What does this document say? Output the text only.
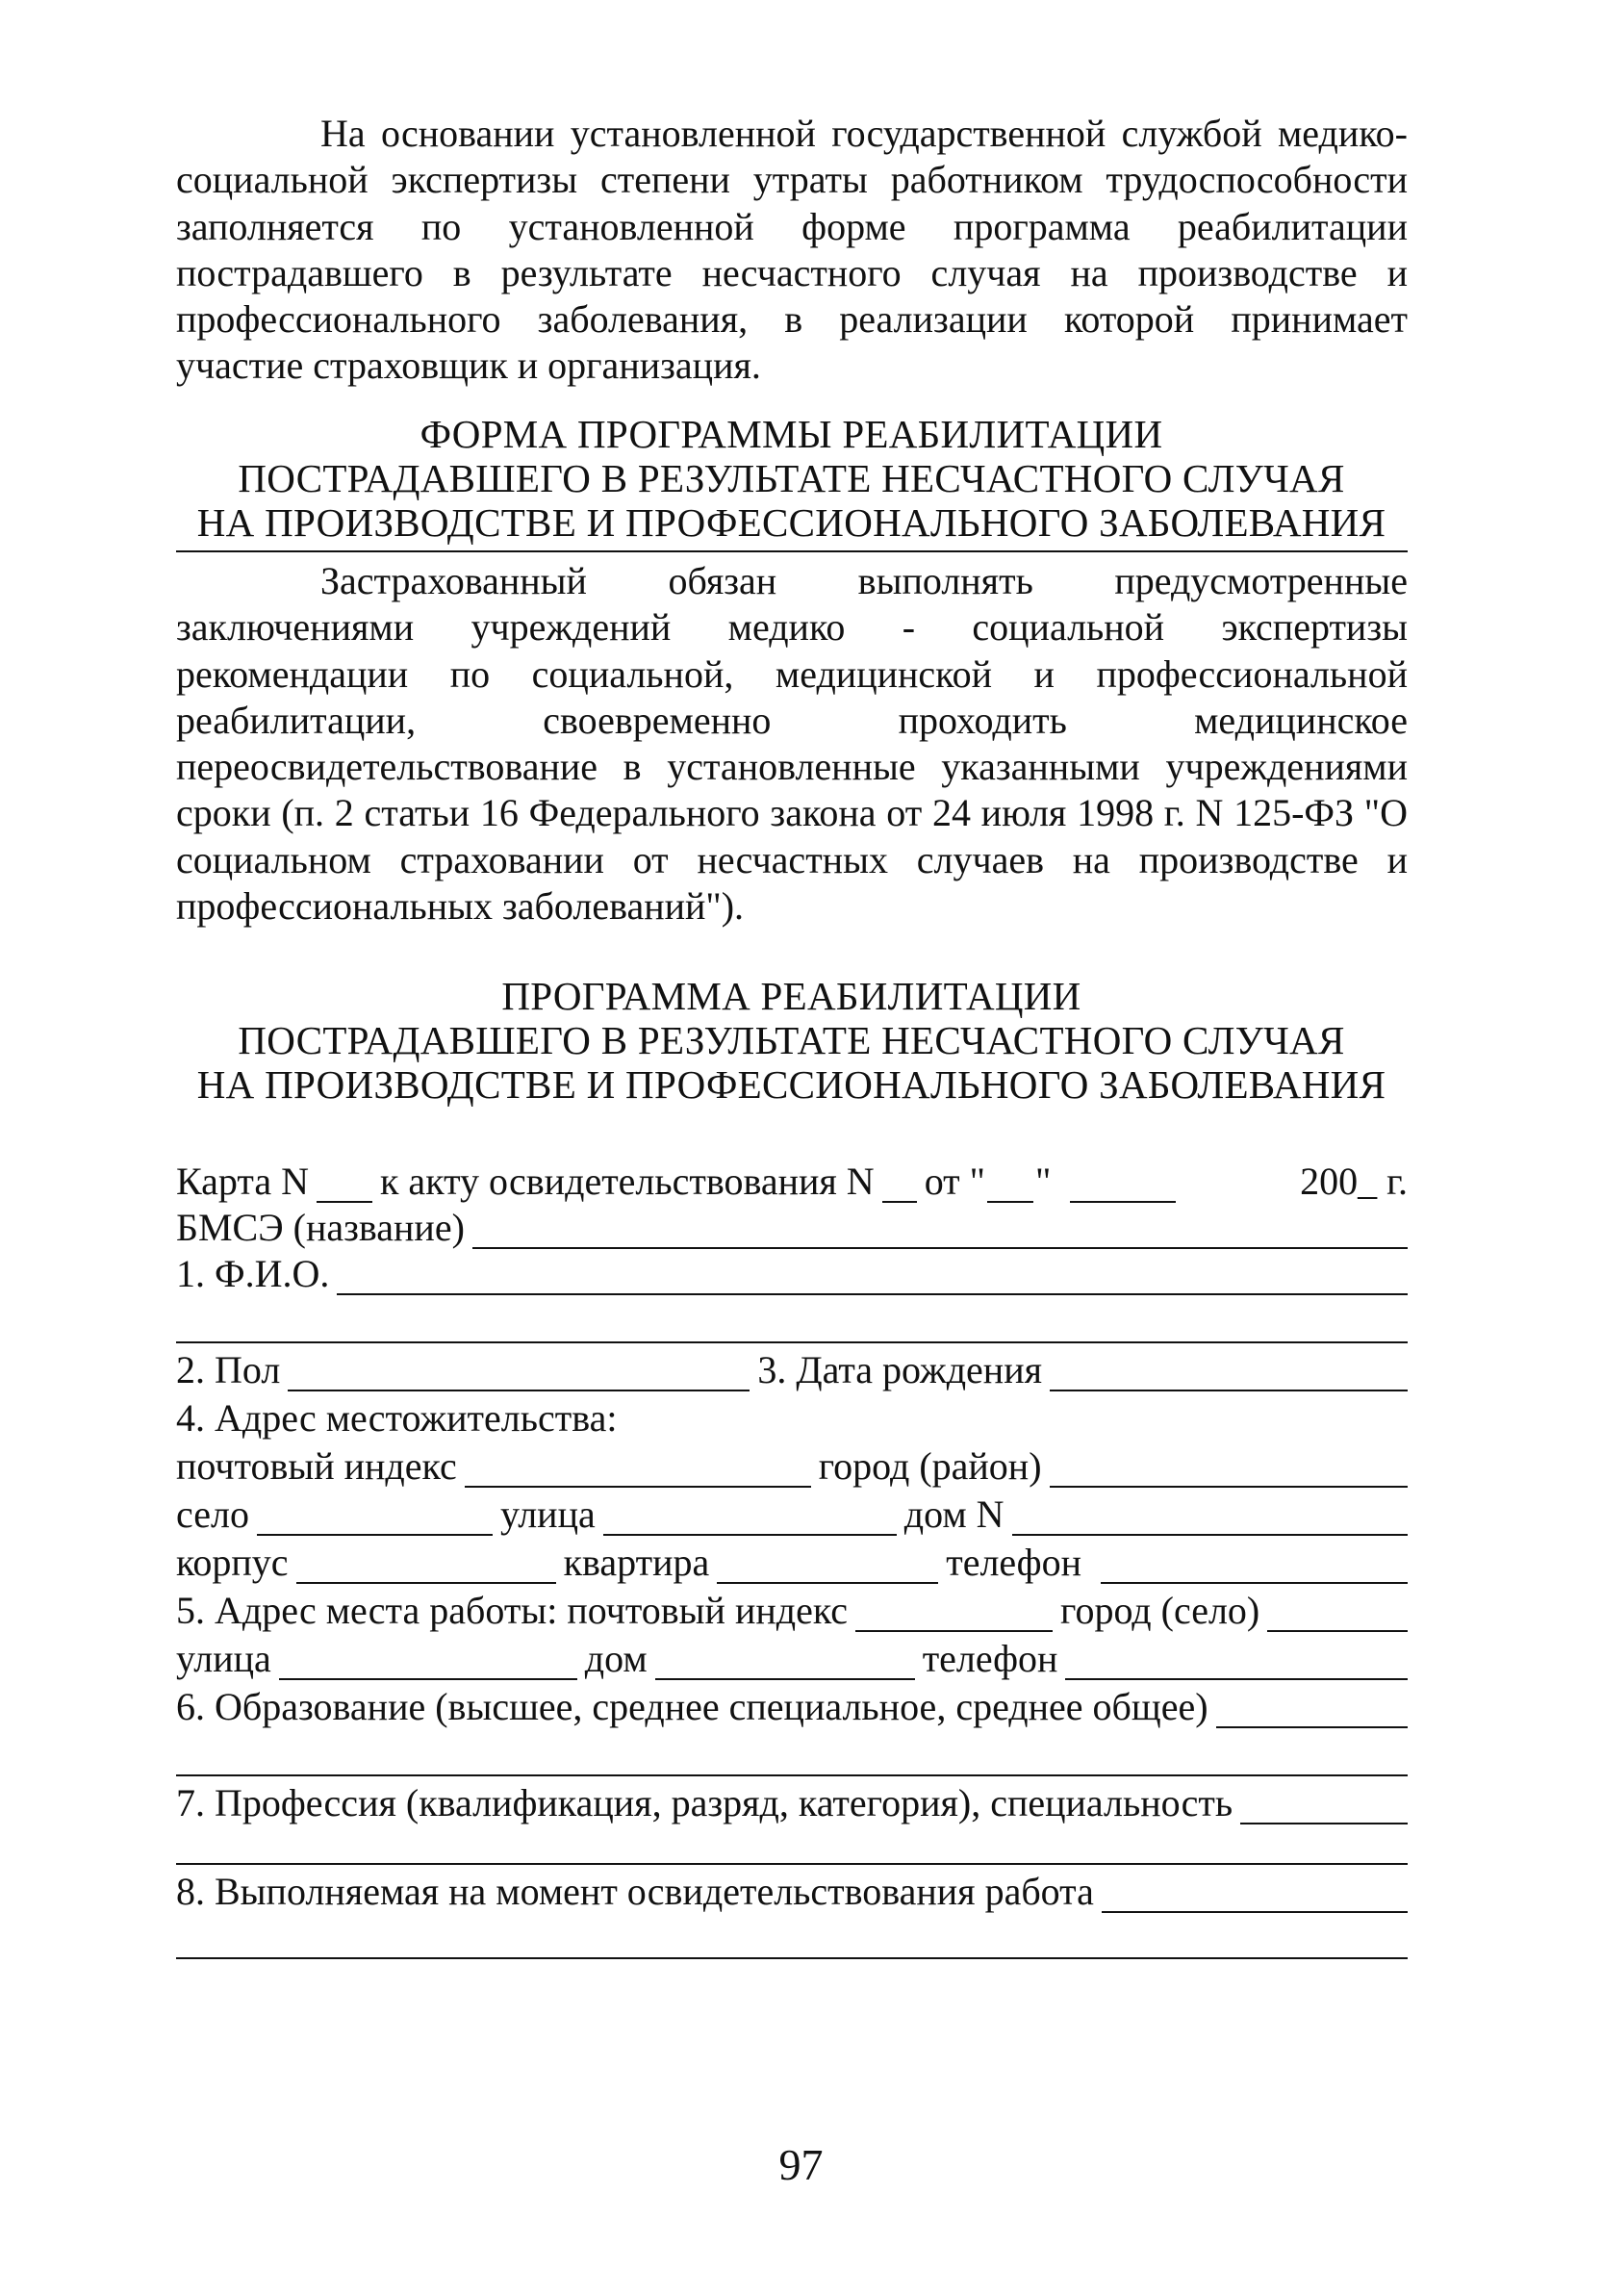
На основании установленной государственной службой медико-социальной экспертизы степени утраты работником трудоспособности заполняется по установленной форме программа реабилитации пострадавшего в результате несчастного случая на производстве и профессионального заболевания, в реализации которой принимает участие страховщик и организация.

ФОРМА ПРОГРАММЫ РЕАБИЛИТАЦИИ
ПОСТРАДАВШЕГО В РЕЗУЛЬТАТЕ НЕСЧАСТНОГО СЛУЧАЯ
НА ПРОИЗВОДСТВЕ И ПРОФЕССИОНАЛЬНОГО ЗАБОЛЕВАНИЯ

Застрахованный обязан выполнять предусмотренные заключениями учреждений медико - социальной экспертизы рекомендации по социальной, медицинской и профессиональной реабилитации, своевременно проходить медицинское переосвидетельствование в установленные указанными учреждениями сроки (п. 2 статьи 16 Федерального закона от 24 июля 1998 г. N 125-ФЗ "О социальном страховании от несчастных случаев на производстве и профессиональных заболеваний").

ПРОГРАММА РЕАБИЛИТАЦИИ
ПОСТРАДАВШЕГО В РЕЗУЛЬТАТЕ НЕСЧАСТНОГО СЛУЧАЯ
НА ПРОИЗВОДСТВЕ И ПРОФЕССИОНАЛЬНОГО ЗАБОЛЕВАНИЯ
Карта N к акту освидетельствования N от " "	200_ г.
БМСЭ (название)
1. Ф.И.О.
2. Пол	3. Дата рождения
4. Адрес местожительства:
почтовый индекс	город (район)
село	улица	дом N
корпус	квартира	телефон
5. Адрес места работы: почтовый индекс	город (село)
улица	дом	телефон
6. Образование (высшее, среднее специальное, среднее общее)
7. Профессия (квалификация, разряд, категория), специальность
8. Выполняемая на момент освидетельствования работа
97
